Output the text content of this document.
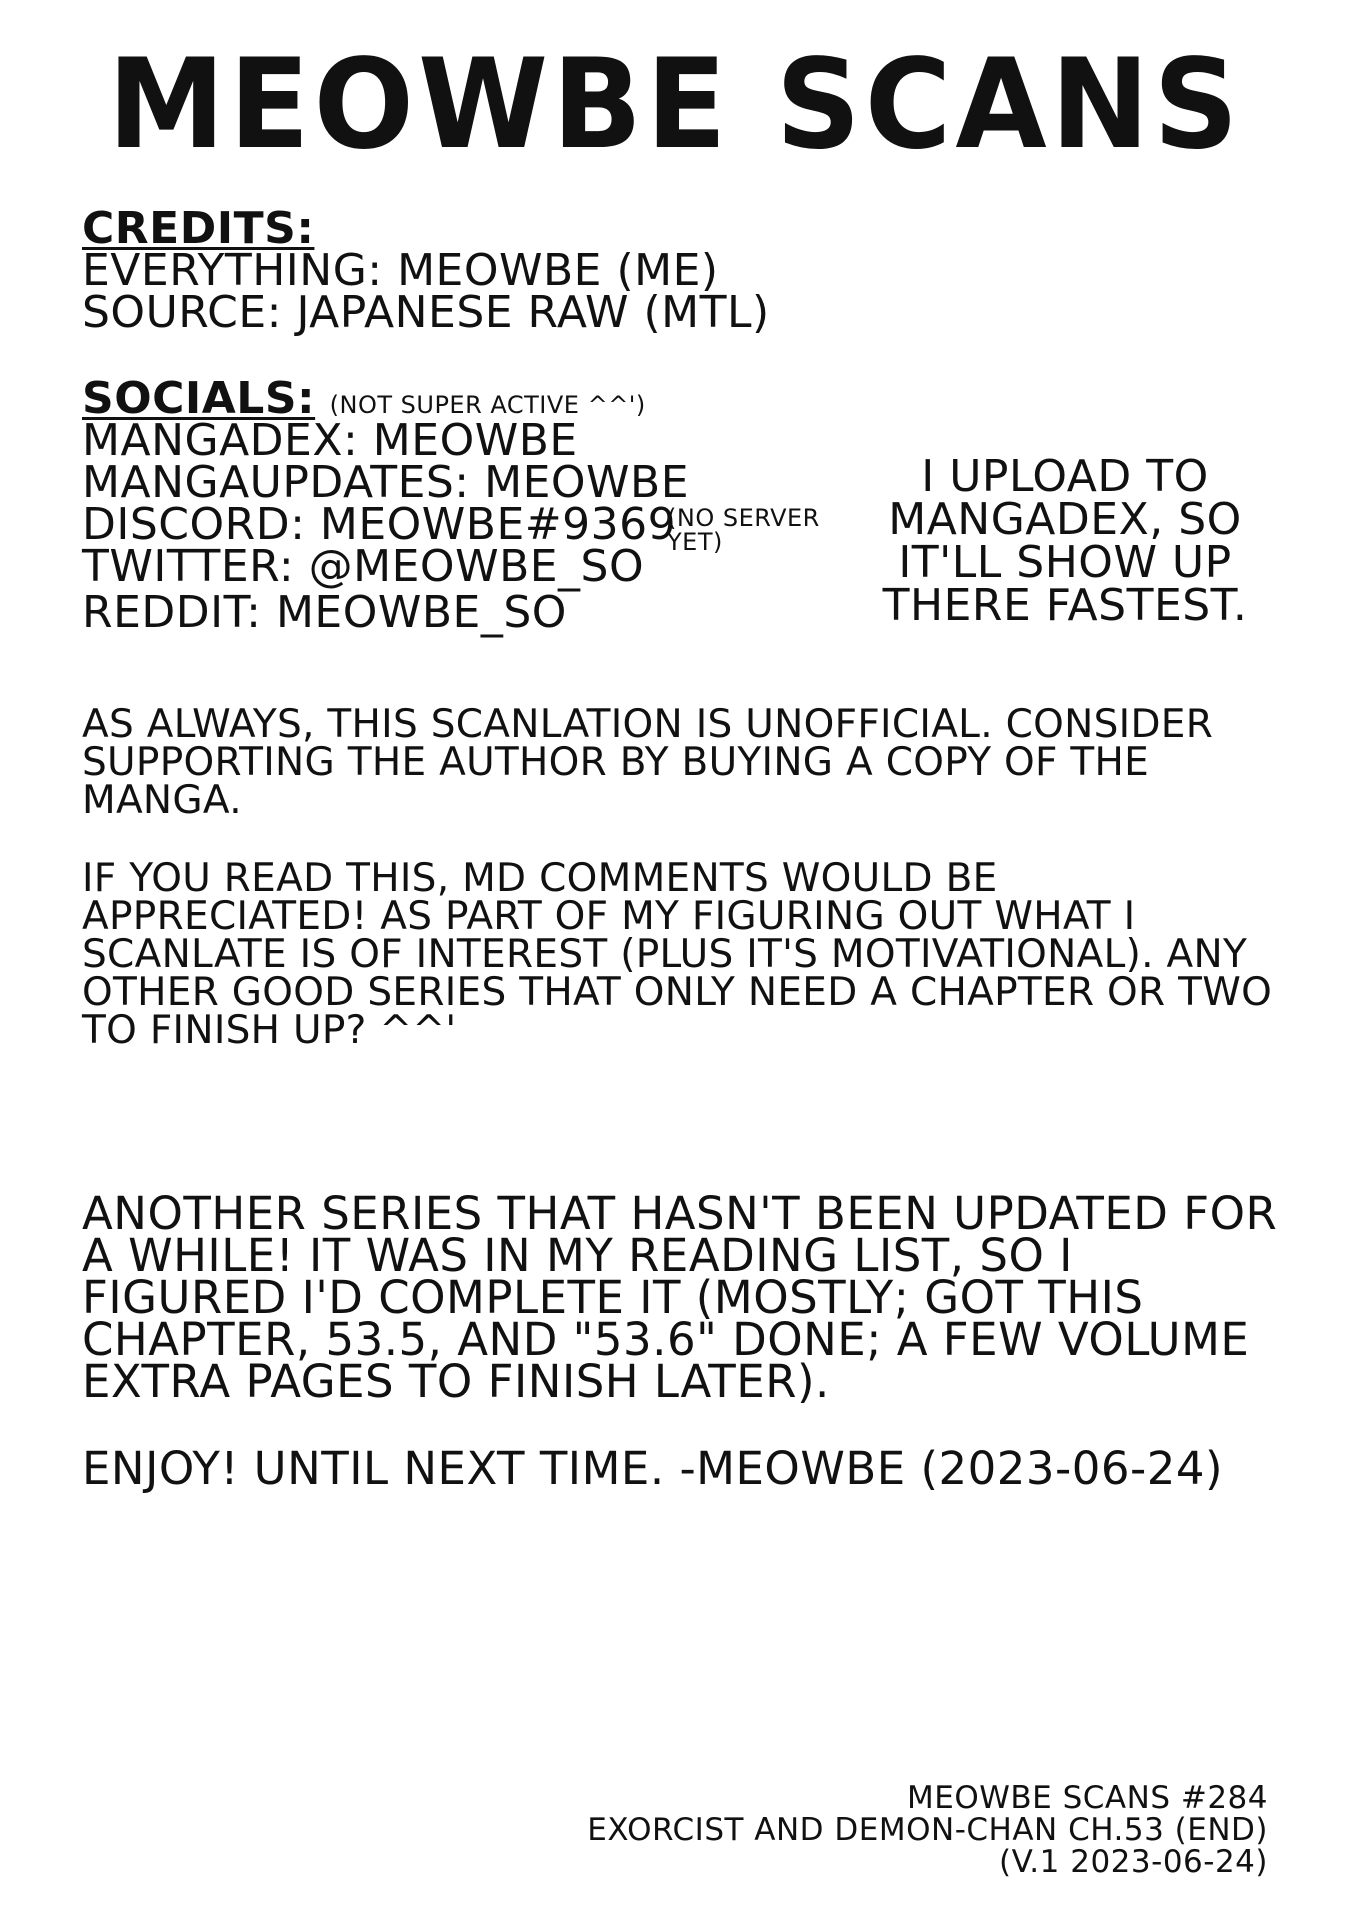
MEOWBE SCANS
CREDITS:
EVERYTHING: MEOWBE (ME)
SOURCE: JAPANESE RAW (MTL)
SOCIALS: (NOT SUPER ACTIVE ^^')
MANGADEX: MEOWBE
MANGAUPDATES: MEOWBE
DISCORD: MEOWBE#9369
(NO SERVER
YET)
TWITTER: @MEOWBE_SO
REDDIT: MEOWBE_SO
I UPLOAD TO MANGADEX, SO IT'LL SHOW UP THERE FASTEST.
AS ALWAYS, THIS SCANLATION IS UNOFFICIAL. CONSIDER SUPPORTING THE AUTHOR BY BUYING A COPY OF THE MANGA.
IF YOU READ THIS, MD COMMENTS WOULD BE APPRECIATED! AS PART OF MY FIGURING OUT WHAT I SCANLATE IS OF INTEREST (PLUS IT'S MOTIVATIONAL). ANY OTHER GOOD SERIES THAT ONLY NEED A CHAPTER OR TWO TO FINISH UP? ^^'
ANOTHER SERIES THAT HASN'T BEEN UPDATED FOR A WHILE! IT WAS IN MY READING LIST, SO I FIGURED I'D COMPLETE IT (MOSTLY; GOT THIS CHAPTER, 53.5, AND "53.6" DONE; A FEW VOLUME EXTRA PAGES TO FINISH LATER).
ENJOY! UNTIL NEXT TIME. -MEOWBE (2023-06-24)
MEOWBE SCANS #284
EXORCIST AND DEMON-CHAN CH.53 (END)
(V.1 2023-06-24)
